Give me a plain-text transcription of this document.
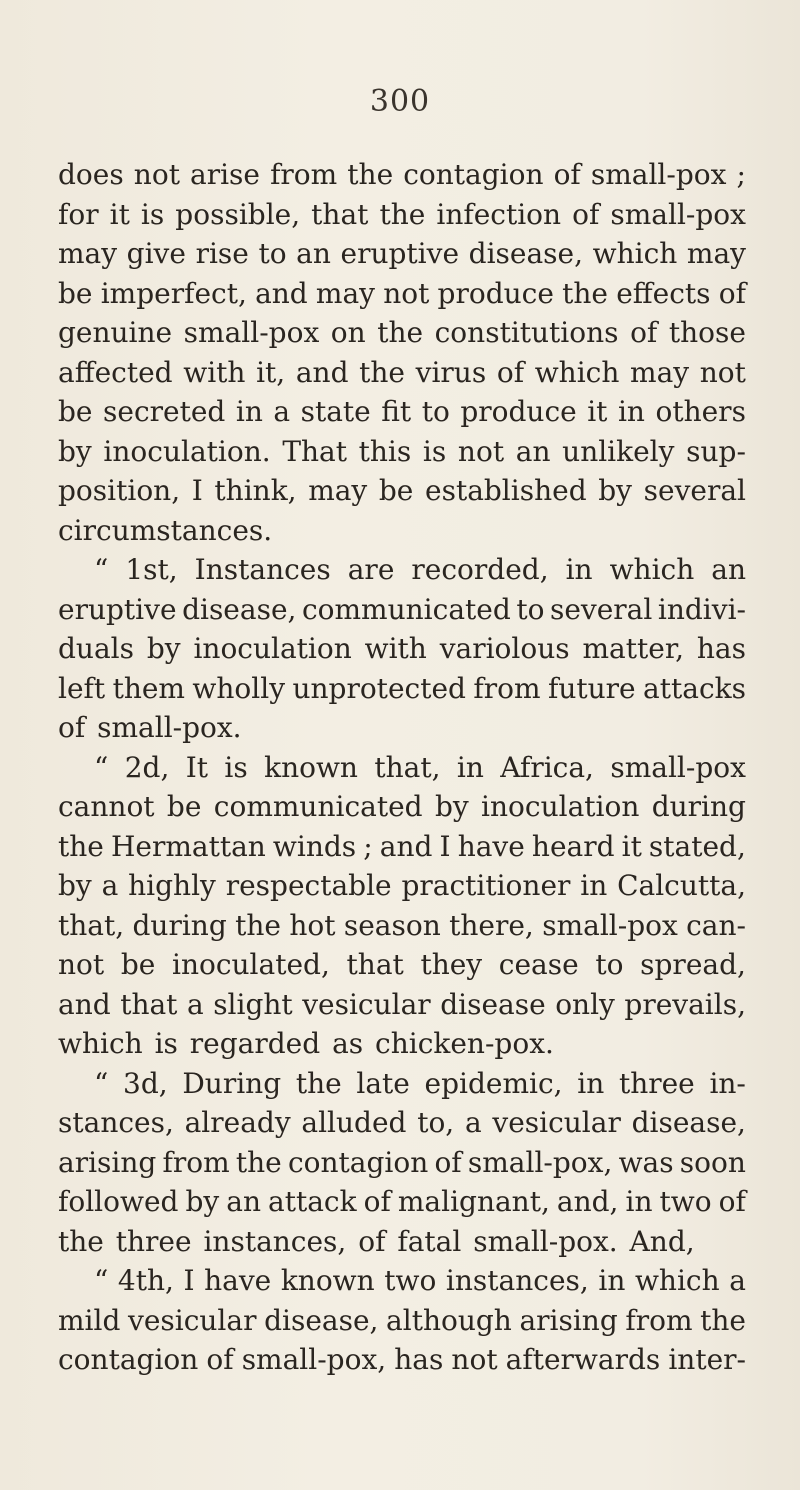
300
does not arise from the contagion of small-pox ;
for it is possible, that the infection of small-pox
may give rise to an eruptive disease, which may
be imperfect, and may not produce the effects of
genuine small-pox on the constitutions of those
affected with it, and the virus of which may not
be secreted in a state fit to produce it in others
by inoculation. That this is not an unlikely sup-
position, I think, may be established by several
circumstances.
“ 1st, Instances are recorded, in which an
eruptive disease, communicated to several indivi-
duals by inoculation with variolous matter, has
left them wholly unprotected from future attacks
of small-pox.
“ 2d, It is known that, in Africa, small-pox
cannot be communicated by inoculation during
the Hermattan winds ; and I have heard it stated,
by a highly respectable practitioner in Calcutta,
that, during the hot season there, small-pox can-
not be inoculated, that they cease to spread,
and that a slight vesicular disease only prevails,
which is regarded as chicken-pox.
“ 3d, During the late epidemic, in three in-
stances, already alluded to, a vesicular disease,
arising from the contagion of small-pox, was soon
followed by an attack of malignant, and, in two of
the three instances, of fatal small-pox. And,
“ 4th, I have known two instances, in which a
mild vesicular disease, although arising from the
contagion of small-pox, has not afterwards inter-
